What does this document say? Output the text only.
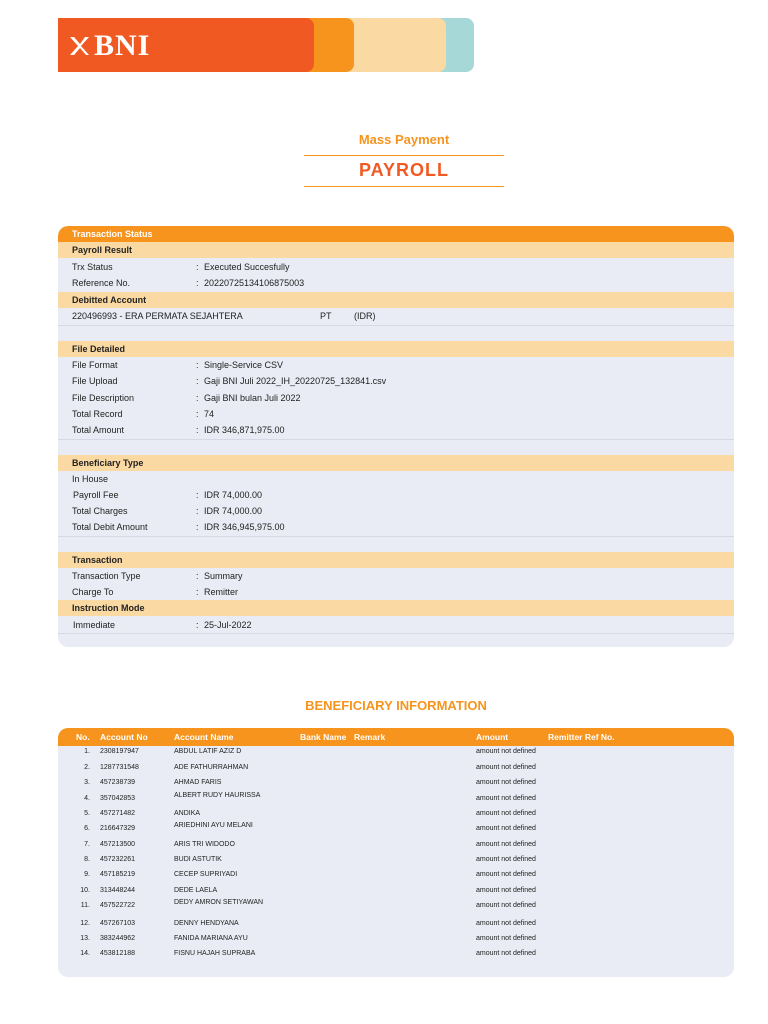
BNI
Mass Payment
PAYROLL
Transaction Status
Payroll Result
Trx Status	: Executed Succesfully
Reference No.	: 20220725134106875003
Debitted Account
220496993 - ERA PERMATA SEJAHTERA	PT (IDR)
File Detailed
File Format	: Single-Service CSV
File Upload	: Gaji BNI Juli 2022_IH_20220725_132841.csv
File Description	: Gaji BNI bulan Juli 2022
Total Record	: 74
Total Amount	: IDR 346,871,975.00
Beneficiary Type
In House
Payroll Fee	: IDR 74,000.00
Total Charges	: IDR 74,000.00
Total Debit Amount	: IDR 346,945,975.00
Transaction
Transaction Type	: Summary
Charge To	: Remitter
Instruction Mode
Immediate	: 25-Jul-2022
BENEFICIARY INFORMATION
No. Account No	Account Name	Bank Name Remark	Amount	Remitter Ref No.
1. 2308197947	ABDUL LATIF AZIZ D	amount not defined
2. 1287731548	ADE FATHURRAHMAN	amount not defined
3. 457238739	AHMAD FARIS	amount not defined
4. 357042853	ALBERT RUDY HAURISSA	amount not defined
5. 457271482	ANDIKA	amount not defined
6. 216647329	ARIEDHINI AYU MELANI	amount not defined
7. 457213500	ARIS TRI WIDODO	amount not defined
8. 457232261	BUDI ASTUTIK	amount not defined
9. 457185219	CECEP SUPRIYADI	amount not defined
10. 313448244	DEDE LAELA	amount not defined
11. 457522722	DEDY AMRON SETIYAWAN	amount not defined
12. 457267103	DENNY HENDYANA	amount not defined
13. 383244962	FANIDA MARIANA AYU	amount not defined
14. 453812188	FISNU HAJAH SUPRABA	amount not defined
